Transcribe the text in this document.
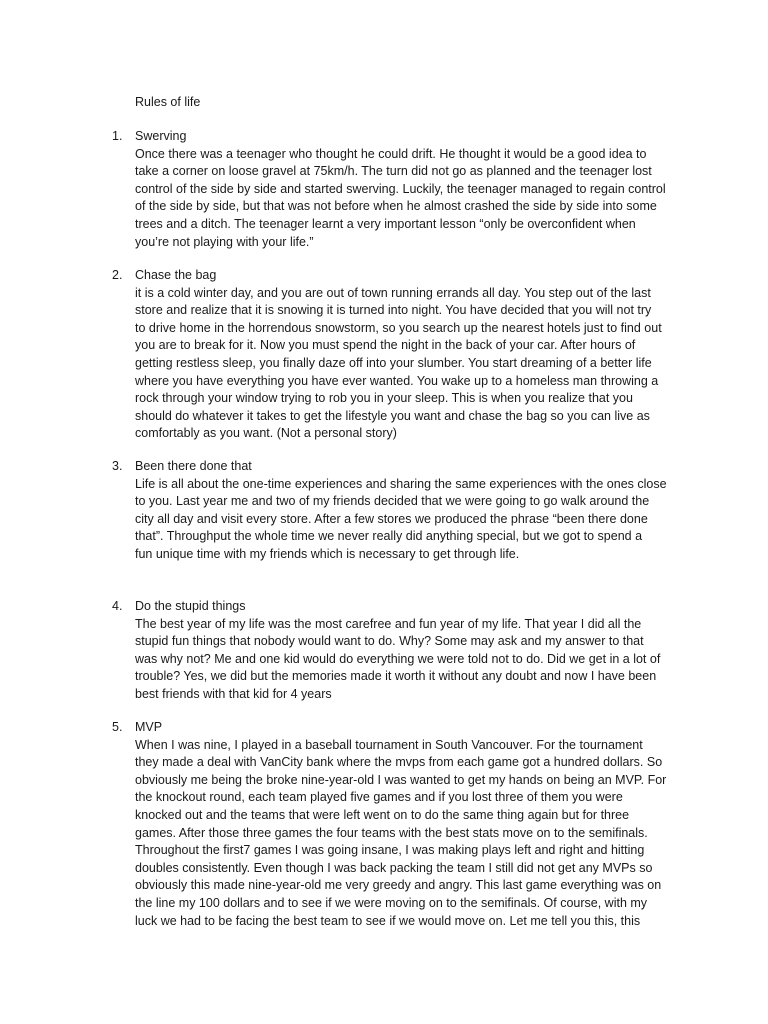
Rules of life
1. Swerving
Once there was a teenager who thought he could drift. He thought it would be a good idea to
take a corner on loose gravel at 75km/h. The turn did not go as planned and the teenager lost
control of the side by side and started swerving. Luckily, the teenager managed to regain control
of the side by side, but that was not before when he almost crashed the side by side into some
trees and a ditch. The teenager learnt a very important lesson “only be overconfident when
you’re not playing with your life.”
2. Chase the bag
it is a cold winter day, and you are out of town running errands all day. You step out of the last
store and realize that it is snowing it is turned into night. You have decided that you will not try
to drive home in the horrendous snowstorm, so you search up the nearest hotels just to find out
you are to break for it. Now you must spend the night in the back of your car. After hours of
getting restless sleep, you finally daze off into your slumber. You start dreaming of a better life
where you have everything you have ever wanted. You wake up to a homeless man throwing a
rock through your window trying to rob you in your sleep. This is when you realize that you
should do whatever it takes to get the lifestyle you want and chase the bag so you can live as
comfortably as you want. (Not a personal story)
3. Been there done that
Life is all about the one-time experiences and sharing the same experiences with the ones close
to you. Last year me and two of my friends decided that we were going to go walk around the
city all day and visit every store. After a few stores we produced the phrase “been there done
that”. Throughput the whole time we never really did anything special, but we got to spend a
fun unique time with my friends which is necessary to get through life.
4. Do the stupid things
The best year of my life was the most carefree and fun year of my life. That year I did all the
stupid fun things that nobody would want to do. Why? Some may ask and my answer to that
was why not? Me and one kid would do everything we were told not to do. Did we get in a lot of
trouble? Yes, we did but the memories made it worth it without any doubt and now I have been
best friends with that kid for 4 years
5. MVP
When I was nine, I played in a baseball tournament in South Vancouver. For the tournament
they made a deal with VanCity bank where the mvps from each game got a hundred dollars. So
obviously me being the broke nine-year-old I was wanted to get my hands on being an MVP. For
the knockout round, each team played five games and if you lost three of them you were
knocked out and the teams that were left went on to do the same thing again but for three
games. After those three games the four teams with the best stats move on to the semifinals.
Throughout the first7 games I was going insane, I was making plays left and right and hitting
doubles consistently. Even though I was back packing the team I still did not get any MVPs so
obviously this made nine-year-old me very greedy and angry. This last game everything was on
the line my 100 dollars and to see if we were moving on to the semifinals. Of course, with my
luck we had to be facing the best team to see if we would move on. Let me tell you this, this
